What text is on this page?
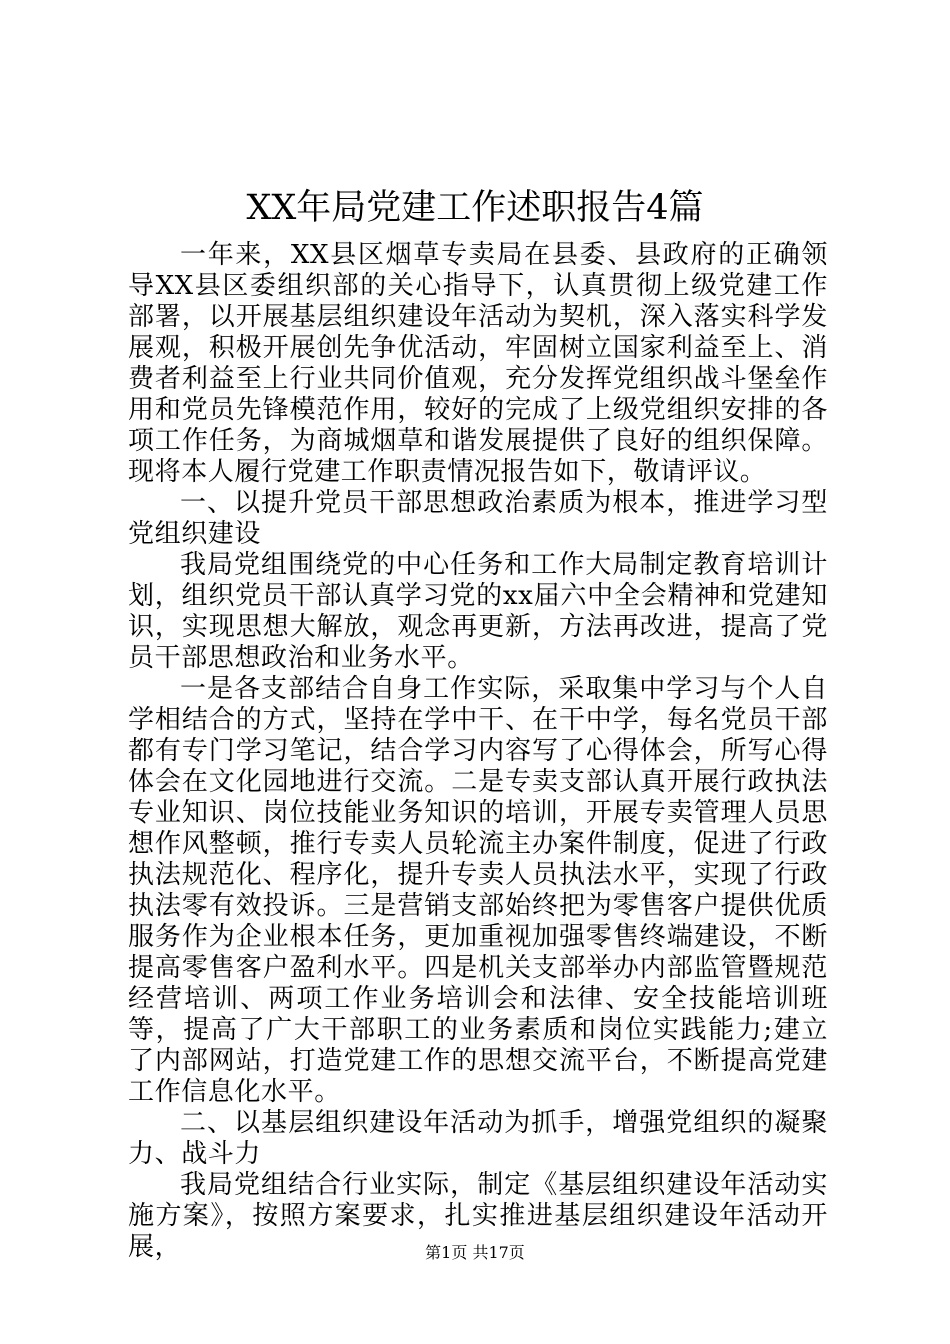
XX年局党建工作述职报告4篇

一年来，XX县区烟草专卖局在县委、县政府的正确领导XX县区委组织部的关心指导下，认真贯彻上级党建工作部署，以开展基层组织建设年活动为契机，深入落实科学发展观，积极开展创先争优活动，牢固树立国家利益至上、消费者利益至上行业共同价值观，充分发挥党组织战斗堡垒作用和党员先锋模范作用，较好的完成了上级党组织安排的各项工作任务，为商城烟草和谐发展提供了良好的组织保障。现将本人履行党建工作职责情况报告如下，敬请评议。

一、以提升党员干部思想政治素质为根本，推进学习型党组织建设

我局党组围绕党的中心任务和工作大局制定教育培训计划，组织党员干部认真学习党的xx届六中全会精神和党建知识，实现思想大解放，观念再更新，方法再改进，提高了党员干部思想政治和业务水平。

一是各支部结合自身工作实际，采取集中学习与个人自学相结合的方式，坚持在学中干、在干中学，每名党员干部都有专门学习笔记，结合学习内容写了心得体会，所写心得体会在文化园地进行交流。二是专卖支部认真开展行政执法专业知识、岗位技能业务知识的培训，开展专卖管理人员思想作风整顿，推行专卖人员轮流主办案件制度，促进了行政执法规范化、程序化，提升专卖人员执法水平，实现了行政执法零有效投诉。三是营销支部始终把为零售客户提供优质服务作为企业根本任务，更加重视加强零售终端建设，不断提高零售客户盈利水平。四是机关支部举办内部监管暨规范经营培训、两项工作业务培训会和法律、安全技能培训班等，提高了广大干部职工的业务素质和岗位实践能力;建立了内部网站，打造党建工作的思想交流平台，不断提高党建工作信息化水平。

二、以基层组织建设年活动为抓手，增强党组织的凝聚力、战斗力

我局党组结合行业实际，制定《基层组织建设年活动实施方案》，按照方案要求，扎实推进基层组织建设年活动开展，	第1页 共17页
